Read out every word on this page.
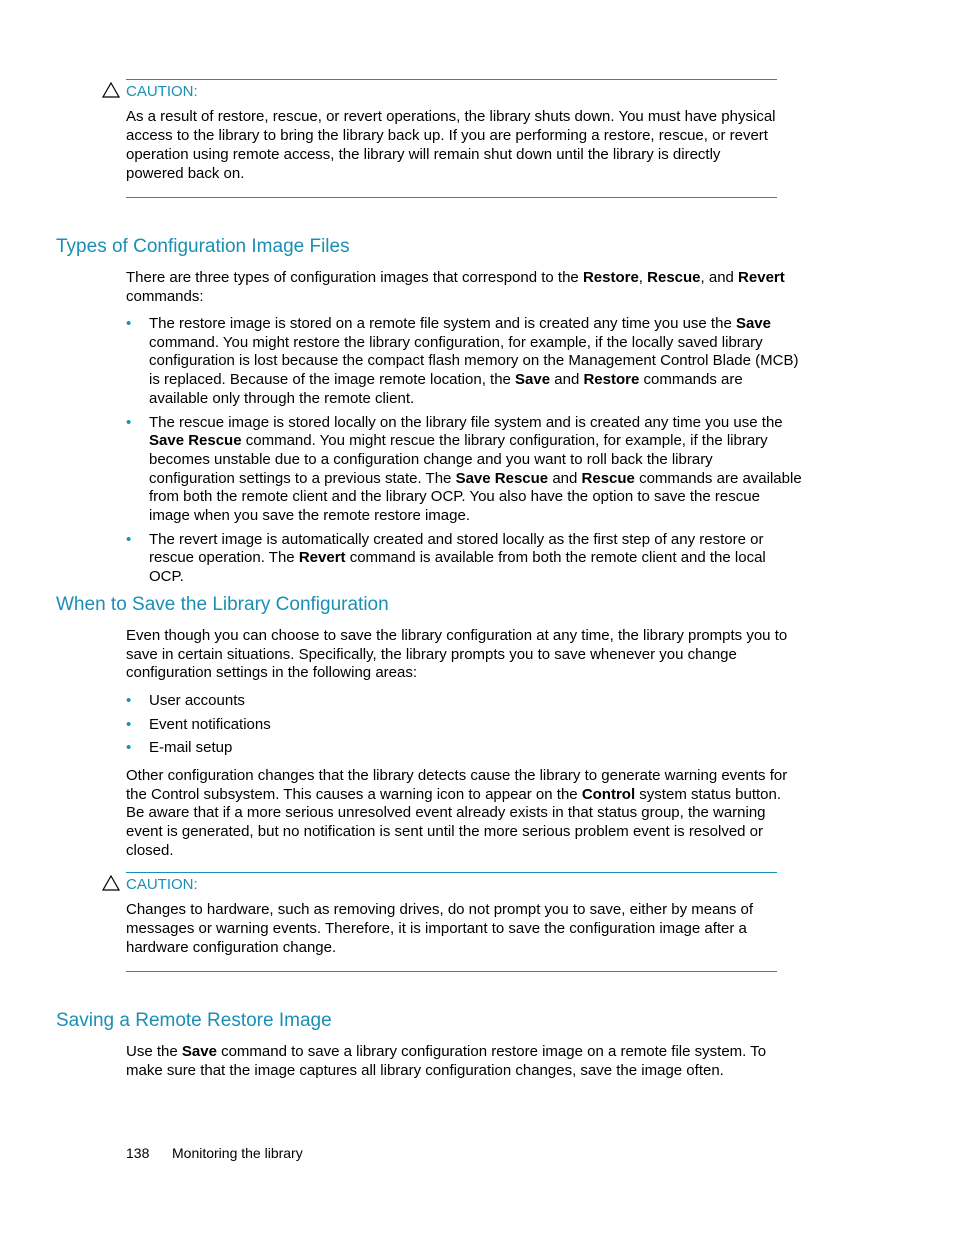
CAUTION:

As a result of restore, rescue, or revert operations, the library shuts down. You must have physical access to the library to bring the library back up. If you are performing a restore, rescue, or revert operation using remote access, the library will remain shut down until the library is directly powered back on.

Types of Configuration Image Files

There are three types of configuration images that correspond to the Restore, Rescue, and Revert commands:

• The restore image is stored on a remote file system and is created any time you use the Save command. You might restore the library configuration, for example, if the locally saved library configuration is lost because the compact flash memory on the Management Control Blade (MCB) is replaced. Because of the image remote location, the Save and Restore commands are available only through the remote client.
• The rescue image is stored locally on the library file system and is created any time you use the Save Rescue command. You might rescue the library configuration, for example, if the library becomes unstable due to a configuration change and you want to roll back the library configuration settings to a previous state. The Save Rescue and Rescue commands are available from both the remote client and the library OCP. You also have the option to save the rescue image when you save the remote restore image.
• The revert image is automatically created and stored locally as the first step of any restore or rescue operation. The Revert command is available from both the remote client and the local OCP.
When to Save the Library Configuration

Even though you can choose to save the library configuration at any time, the library prompts you to save in certain situations. Specifically, the library prompts you to save whenever you change configuration settings in the following areas:

• User accounts
• Event notifications
• E-mail setup

Other configuration changes that the library detects cause the library to generate warning events for the Control subsystem. This causes a warning icon to appear on the Control system status button. Be aware that if a more serious unresolved event already exists in that status group, the warning event is generated, but no notification is sent until the more serious problem event is resolved or closed.

CAUTION:

Changes to hardware, such as removing drives, do not prompt you to save, either by means of messages or warning events. Therefore, it is important to save the configuration image after a hardware configuration change.

Saving a Remote Restore Image

Use the Save command to save a library configuration restore image on a remote file system. To make sure that the image captures all library configuration changes, save the image often.

138 Monitoring the library
